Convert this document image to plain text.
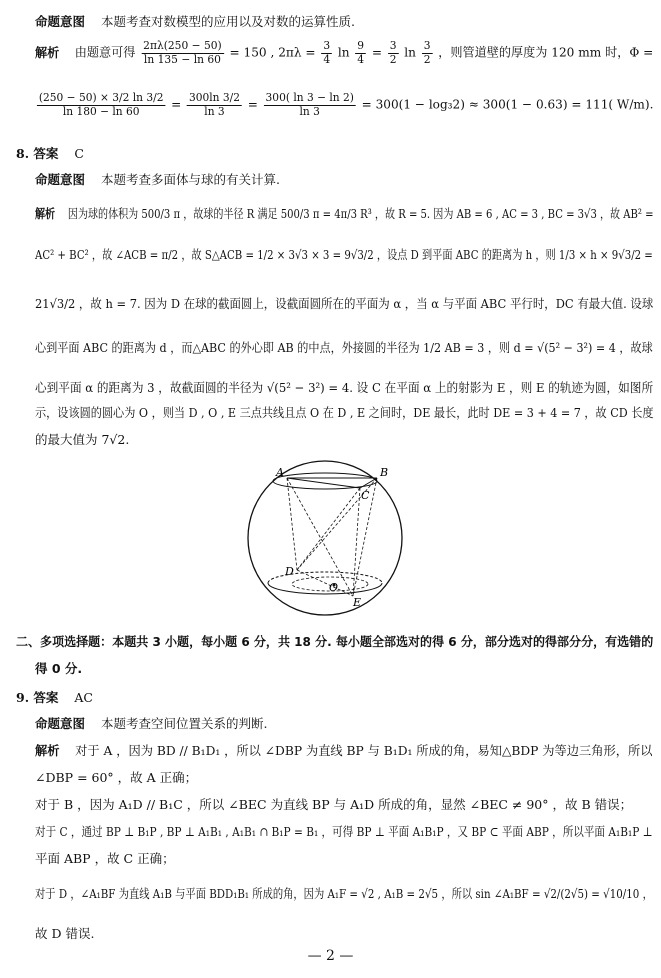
命题意图 本题考查对数模型的应用以及对数的运算性质.
解析 由题意可得 $\frac{2\pi\lambda(250 - 50)}{\ln 135 - \ln 60} = 150$ , $2\pi\lambda = \frac{3}{4}$ $\ln \frac{9}{4} = \frac{3}{2}$ $\ln \frac{3}{2}$ ，则管道壁的厚度为 120 mm 时，Φ =
$\frac{(250 - 50) \times 3/2 \ln 3/2}{\ln 180 - \ln 60} = \frac{300\ln 3/2}{\ln 3} = \frac{300( \ln 3 - \ln 2)}{\ln 3} = 300(1 - \log_32) \approx 300(1 - 0.63) = 111$( W/m).
8. 答案 C
命题意图 本题考查多面体与球的有关计算.
解析 因为球的体积为 500/3 π ，故球的半径 R 满足 500/3 π = 4π/3 R³ ，故 R = 5. 因为 AB = 6 , AC = 3 , BC = 3√3 ，故 AB² =
AC² + BC² ，故 ∠ACB = π/2 ，故 S△ACB = 1/2 × 3√3 × 3 = 9√3/2 ，设点 D 到平面 ABC 的距离为 h ，则 1/3 × h × 9√3/2 =
21√3/2 ，故 h = 7. 因为 D 在球的截面圆上，设截面圆所在的平面为 α ，当 α 与平面 ABC 平行时，DC 有最大值. 设球
心到平面 ABC 的距离为 d ，而△ABC 的外心即 AB 的中点，外接圆的半径为 1/2 AB = 3 ，则 d = √(5² − 3²) = 4 ，故球
心到平面 α 的距离为 3 ，故截面圆的半径为 √(5² − 3²) = 4. 设 C 在平面 α 上的射影为 E ，则 E 的轨迹为圆，如图所
示，设该圆的圆心为 O ，则当 D , O , E 三点共线且点 O 在 D , E 之间时，DE 最长，此时 DE = 3 + 4 = 7 ，故 CD 长度
的最大值为 7√2.
A	B
C
D
O
E
二、多项选择题：本题共 3 小题，每小题 6 分，共 18 分. 每小题全部选对的得 6 分，部分选对的得部分分，有选错的
得 0 分.
9. 答案 AC
命题意图 本题考查空间位置关系的判断.
解析 对于 A ，因为 BD // B₁D₁ ，所以 ∠DBP 为直线 BP 与 B₁D₁ 所成的角，易知△BDP 为等边三角形，所以
∠DBP = 60° ，故 A 正确；
对于 B ，因为 A₁D // B₁C ，所以 ∠BEC 为直线 BP 与 A₁D 所成的角，显然 ∠BEC ≠ 90° ，故 B 错误；
对于 C ，通过 BP ⊥ B₁P , BP ⊥ A₁B₁ , A₁B₁ ∩ B₁P = B₁ ，可得 BP ⊥ 平面 A₁B₁P ，又 BP ⊂ 平面 ABP ，所以平面 A₁B₁P ⊥
平面 ABP ，故 C 正确；
对于 D ，∠A₁BF 为直线 A₁B 与平面 BDD₁B₁ 所成的角，因为 A₁F = √2 , A₁B = 2√5 ，所以 sin ∠A₁BF = √2/(2√5) = √10/10 ，
故 D 错误.
— 2 —
